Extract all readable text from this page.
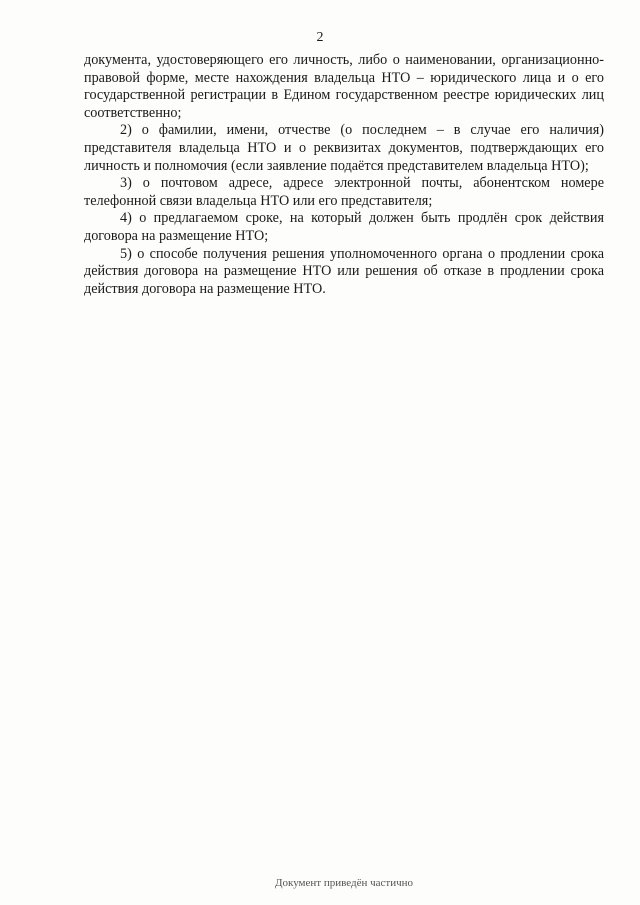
2

документа, удостоверяющего его личность, либо о наименовании, организационно-правовой форме, месте нахождения владельца НТО – юридического лица и о его государственной регистрации в Едином государственном реестре юридических лиц соответственно;

2) о фамилии, имени, отчестве (о последнем – в случае его наличия) представителя владельца НТО и о реквизитах документов, подтверждающих его личность и полномочия (если заявление подаётся представителем владельца НТО);

3) о почтовом адресе, адресе электронной почты, абонентском номере телефонной связи владельца НТО или его представителя;

4) о предлагаемом сроке, на который должен быть продлён срок действия договора на размещение НТО;

5) о способе получения решения уполномоченного органа о продлении срока действия договора на размещение НТО или решения об отказе в продлении срока действия договора на размещение НТО.

Документ приведён частично
